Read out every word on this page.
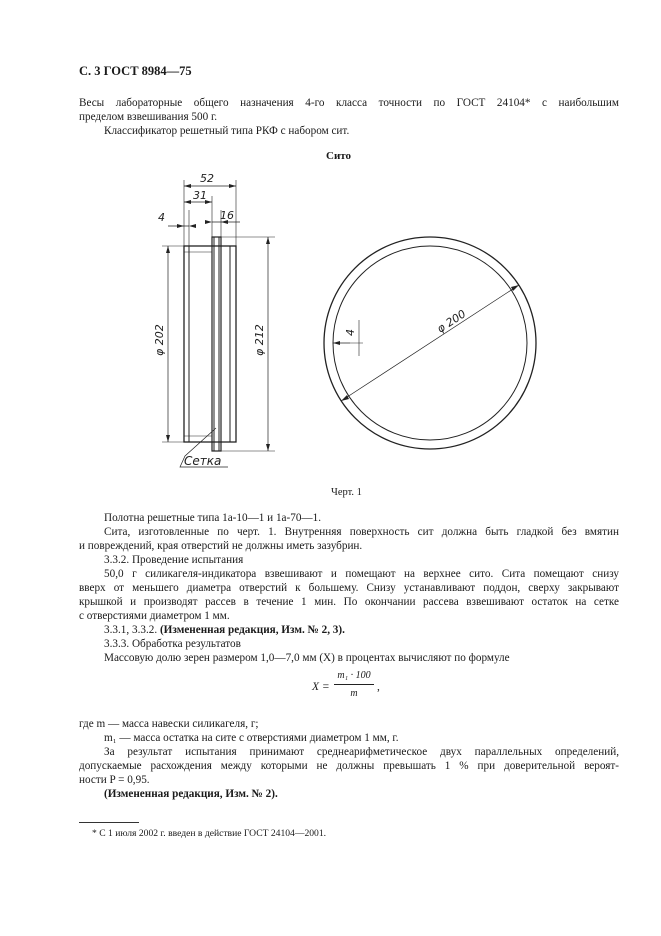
С. 3 ГОСТ 8984—75
Весы лабораторные общего назначения 4-го класса точности по ГОСТ 24104* с наибольшим
пределом взвешивания 500 г.
Классификатор решетный типа РКФ с набором сит.
Сито
52
31
4	16
φ 202	φ 212
Сетка
φ 200
4
Черт. 1
Полотна решетные типа 1а-10—1 и 1а-70—1.
Сита, изготовленные по черт. 1. Внутренняя поверхность сит должна быть гладкой без вмятин
и повреждений, края отверстий не должны иметь зазубрин.
3.3.2. Проведение испытания
50,0 г силикагеля-индикатора взвешивают и помещают на верхнее сито. Сита помещают снизу
вверх от меньшего диаметра отверстий к большему. Снизу устанавливают поддон, сверху закрывают
крышкой и производят рассев в течение 1 мин. По окончании рассева взвешивают остаток на сетке
с отверстиями диаметром 1 мм.
3.3.1, 3.3.2. (Измененная редакция, Изм. № 2, 3).
3.3.3. Обработка результатов
Массовую долю зерен размером 1,0—7,0 мм (X) в процентах вычисляют по формуле
X =
m₁ · 100
m
,
где m — масса навески силикагеля, г;
m₁ — масса остатка на сите с отверстиями диаметром 1 мм, г.
За результат испытания принимают среднеарифметическое двух параллельных определений,
допускаемые расхождения между которыми не должны превышать 1 % при доверительной вероят-
ности P = 0,95.
(Измененная редакция, Изм. № 2).
* С 1 июля 2002 г. введен в действие ГОСТ 24104—2001.
